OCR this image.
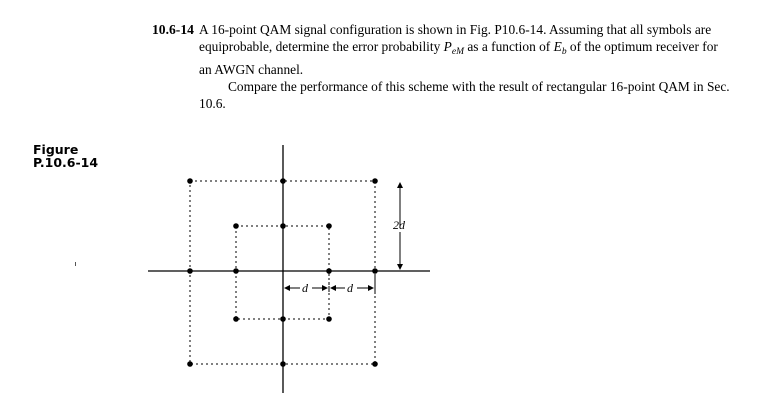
10.6-14 A 16-point QAM signal configuration is shown in Fig. P10.6-14. Assuming that all symbols are equiprobable, determine the error probability $P_{eM}$ as a function of $E_b$ of the optimum receiver for an AWGN channel.

Compare the performance of this scheme with the result of rectangular 16-point QAM in Sec. 10.6.

Figure
P.10.6-14
2d
d	d
